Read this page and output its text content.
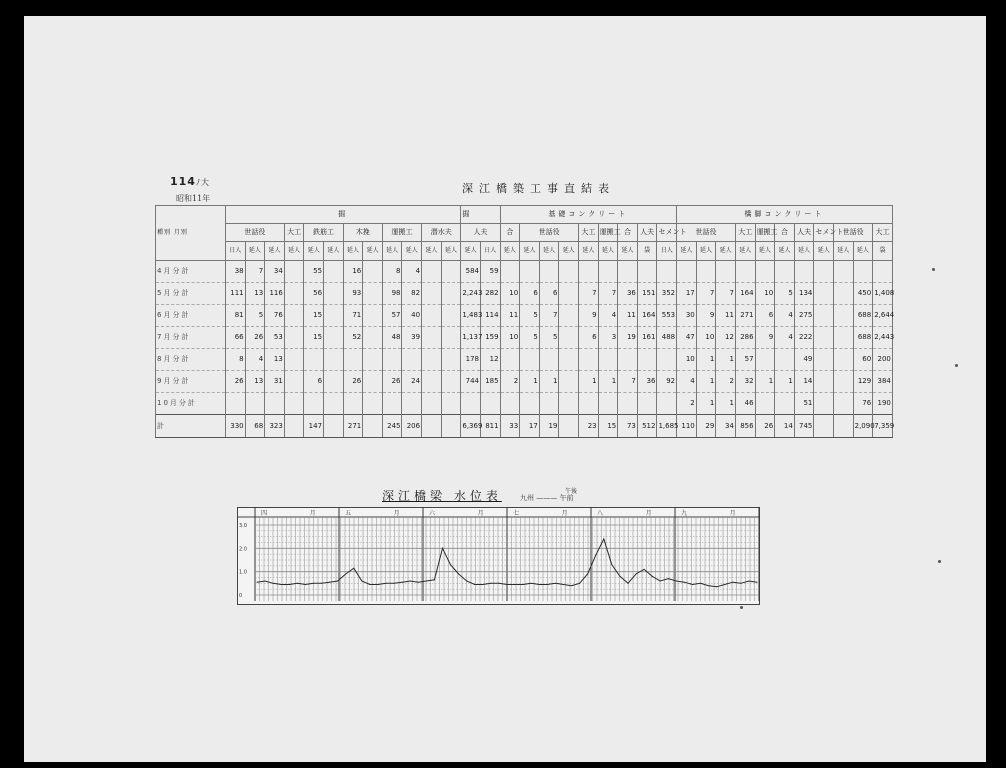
114ﾉ大
昭和11年
深江橋築工事直結表
種別 月別	掘												掘		基礎コンクリート									橋脚コンクリート											
	世話役			大工	鉄筋工		木挽		運搬工		潜水夫		人夫		合	世話役			大工	運搬工	合	人夫	セメント	世話役			大工	運搬工	合	人夫	セメント	世話役		大工	
	日人	延人	延人	延人	延人	延人	延人	延人	延人	延人	延人	延人	延人	日人	延人	延人	延人	延人	延人	延人	延人	袋	日人	延人	延人	延人	延人	延人	延人	延人	延人	延人	延人	袋	
4月分計	38	7	34		55		16		8	4			584	59																					
5月分計	111	13	116		56		93		98	82			2,243	282	10	6	6		7	7	36	151	352	17	7	7	164	10	5	134			450	1,408	
6月分計	81	5	76		15		71		57	40			1,483	114	11	5	7		9	4	11	164	553	30	9	11	271	6	4	275			688	2,644	
7月分計	66	26	53		15		52		48	39			1,137	159	10	5	5		6	3	19	161	488	47	10	12	286	9	4	222			688	2,443	
8月分計	8	4	13										178	12										10	1	1	57			49			60	200	
9月分計	26	13	31		6		26		26	24			744	185	2	1	1		1	1	7	36	92	4	1	2	32	1	1	14			129	384	
10月分計																								2	1	1	46			51			76	190	
計	330	68	323		147		271		245	206			6,369	811	33	17	19		23	15	73	512	1,685	110	29	34	856	26	14	745			2,090	7,359	
深江橋梁 水位表	九州 ——— 午前
午後
四	月	五	月	六	月	七	月	八	月	九	月
3.0
2.0
1.0
0
